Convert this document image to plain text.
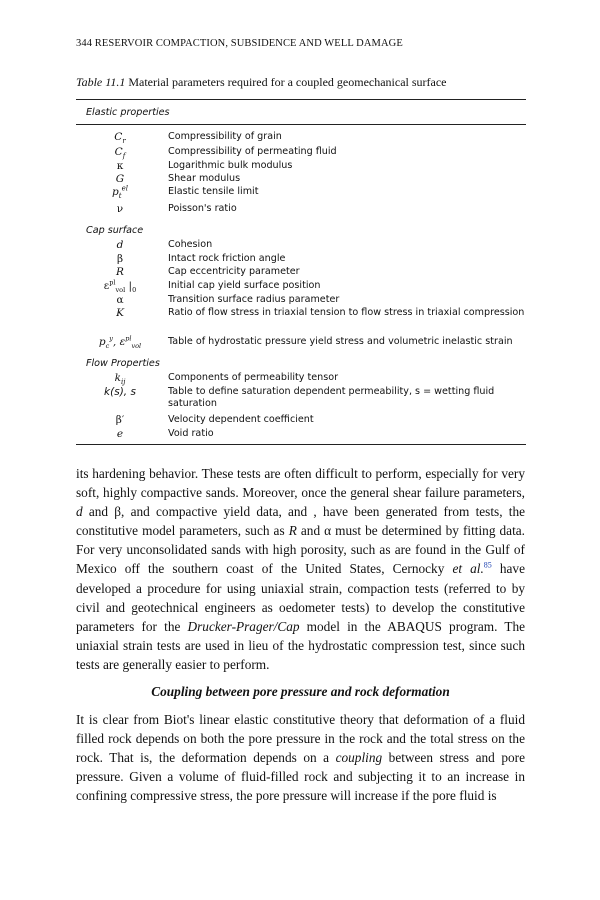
344 RESERVOIR COMPACTION, SUBSIDENCE AND WELL DAMAGE
Table 11.1 Material parameters required for a coupled geomechanical surface
Elastic properties
$C_r$	Compressibility of grain
$C_f$	Compressibility of permeating fluid
κ	Logarithmic bulk modulus
G	Shear modulus
$p_t^{el}$	Elastic tensile limit
ν	Poisson's ratio
Cap surface
d	Cohesion
β	Intact rock friction angle
R	Cap eccentricity parameter
$\varepsilon^{pl}_{vol}$ $|_0$	Initial cap yield surface position
α	Transition surface radius parameter
K	Ratio of flow stress in triaxial tension to flow stress in triaxial compression
$p_c^y$, $\varepsilon^{pl}_{vol}$	Table of hydrostatic pressure yield stress and volumetric inelastic strain
Flow Properties
$k_{ij}$	Components of permeability tensor
k(s), s	Table to define saturation dependent permeability, s = wetting fluid saturation
β′	Velocity dependent coefficient
e	Void ratio
its hardening behavior. These tests are often difficult to perform, especially for very soft, highly compactive sands. Moreover, once the general shear failure parameters, d and β, and compactive yield data, and , have been generated from tests, the constitutive model parameters, such as R and α must be determined by fitting data. For very unconsolidated sands with high porosity, such as are found in the Gulf of Mexico off the southern coast of the United States, Cernocky et al.$^{85}$ have developed a procedure for using uniaxial strain, compaction tests (referred to by civil and geotechnical engineers as oedometer tests) to develop the constitutive parameters for the Drucker-Prager/Cap model in the ABAQUS program. The    uniaxial strain tests are used in lieu of the hydrostatic compression test, since such tests are generally easier to perform.
Coupling between pore pressure and rock deformation
It is clear from Biot's linear elastic constitutive theory that deformation of a fluid filled rock depends on both the pore pressure in the rock and the total stress on the rock. That is, the deformation depends on a coupling between stress and pore pressure. Given a volume of fluid-filled rock and subjecting it to an increase in confining compressive stress, the pore pressure will increase if the pore fluid is
